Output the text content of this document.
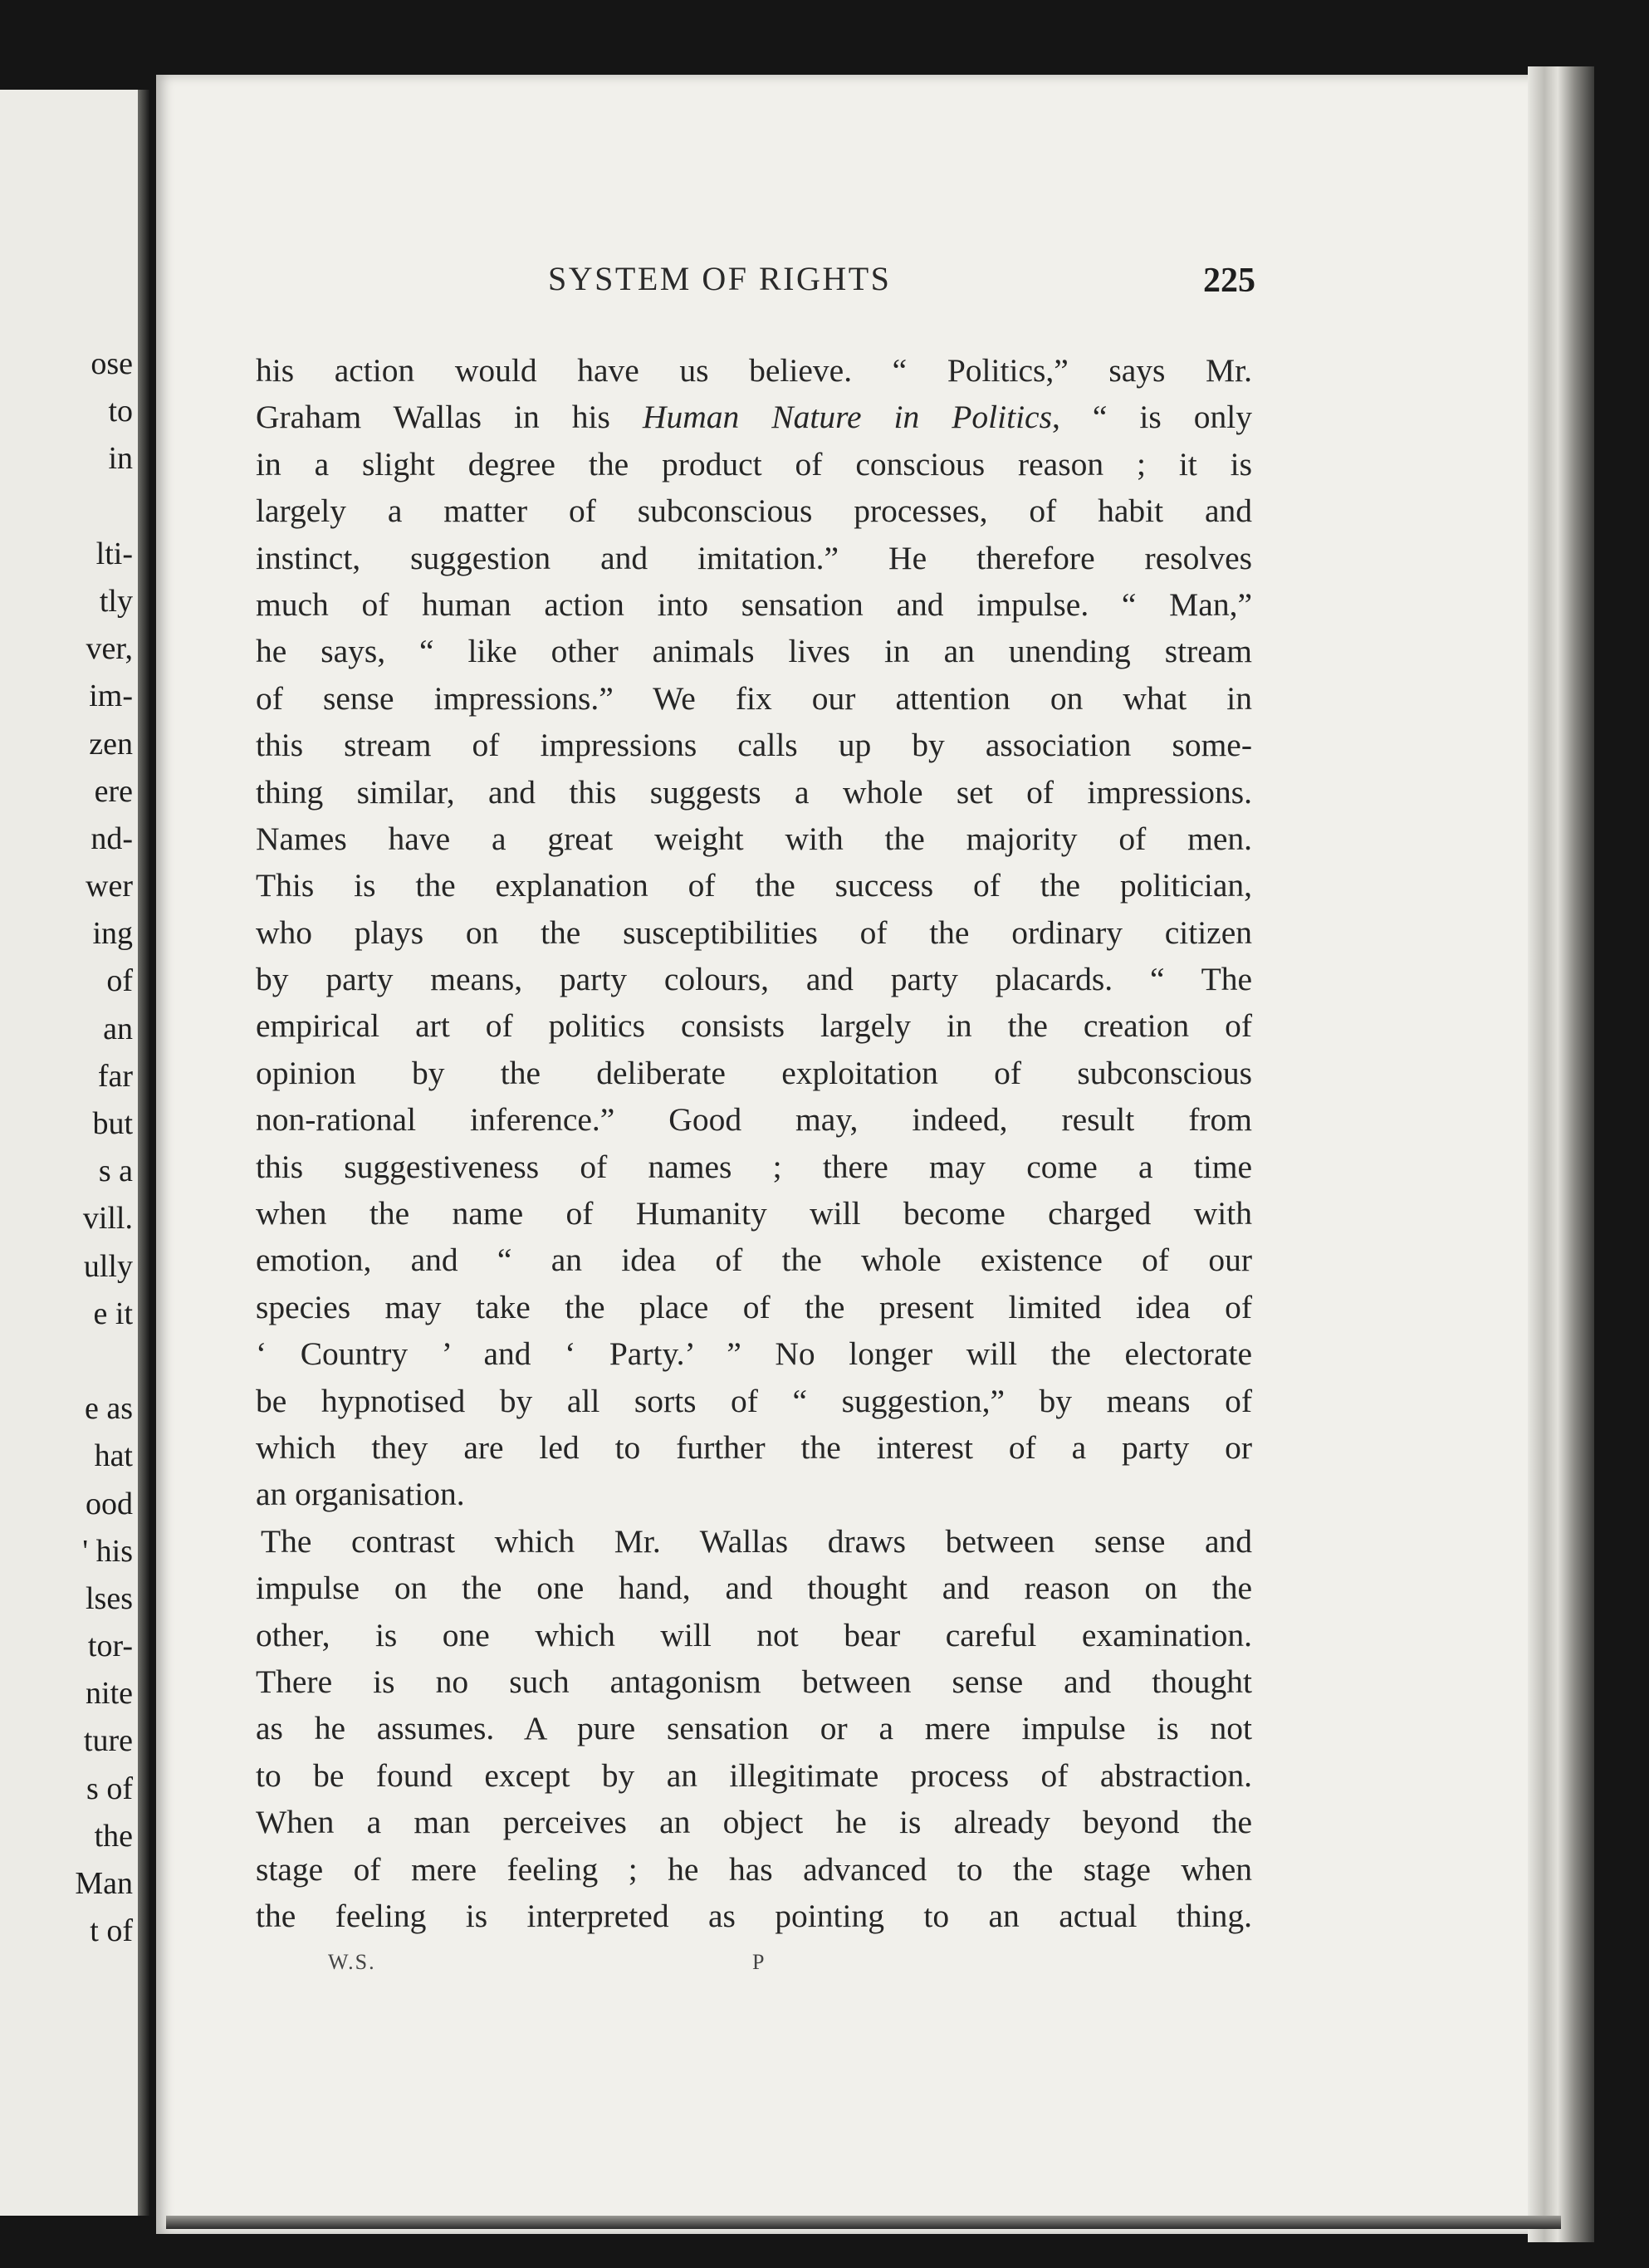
ose
to
in
lti-
tly
ver,
im-
zen
ere
nd-
wer
ing
of
an
far
but
s a
vill.
ully
e it
e as
hat
ood
' his
lses
tor-
nite
ture
s of
the
Man
t of
SYSTEM OF RIGHTS	225
his action would have us believe. “ Politics,” says Mr.
Graham Wallas in his Human Nature in Politics, “ is only
in a slight degree the product of conscious reason ; it is
largely a matter of subconscious processes, of habit and
instinct, suggestion and imitation.” He therefore resolves
much of human action into sensation and impulse. “ Man,”
he says, “ like other animals lives in an unending stream
of sense impressions.” We fix our attention on what in
this stream of impressions calls up by association some-
thing similar, and this suggests a whole set of impressions.
Names have a great weight with the majority of men.
This is the explanation of the success of the politician,
who plays on the susceptibilities of the ordinary citizen
by party means, party colours, and party placards. “ The
empirical art of politics consists largely in the creation of
opinion by the deliberate exploitation of subconscious
non-rational inference.” Good may, indeed, result from
this suggestiveness of names ; there may come a time
when the name of Humanity will become charged with
emotion, and “ an idea of the whole existence of our
species may take the place of the present limited idea of
‘ Country ’ and ‘ Party.’ ” No longer will the electorate
be hypnotised by all sorts of “ suggestion,” by means of
which they are led to further the interest of a party or
an organisation.
The contrast which Mr. Wallas draws between sense and
impulse on the one hand, and thought and reason on the
other, is one which will not bear careful examination.
There is no such antagonism between sense and thought
as he assumes. A pure sensation or a mere impulse is not
to be found except by an illegitimate process of abstraction.
When a man perceives an object he is already beyond the
stage of mere feeling ; he has advanced to the stage when
the feeling is interpreted as pointing to an actual thing.
W.S.	P
